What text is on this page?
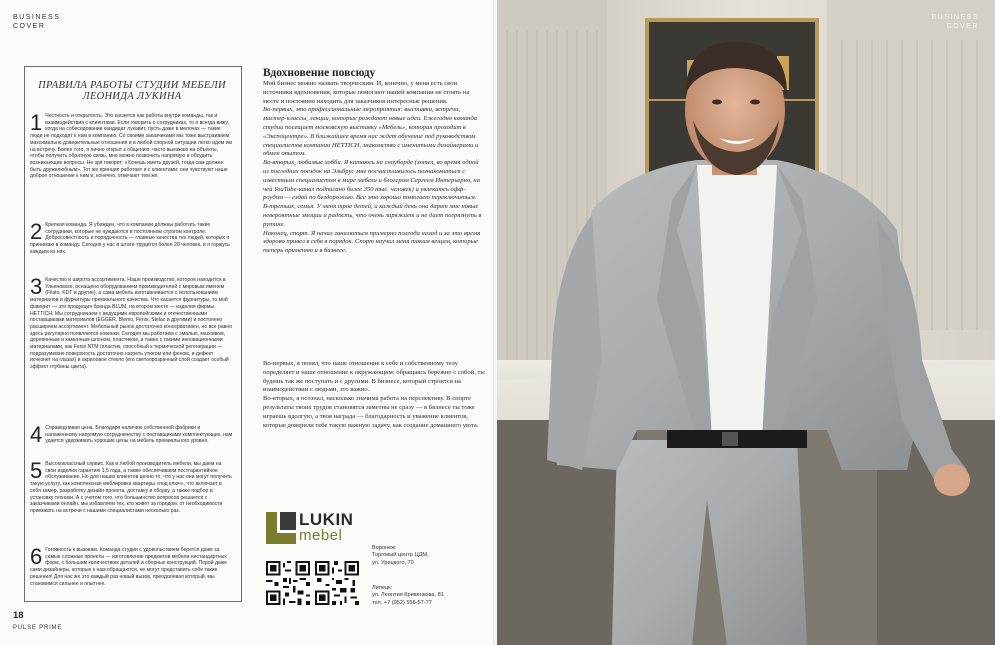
BUSINESS
COVER
ПРАВИЛА РАБОТЫ СТУДИИ МЕБЕЛИ
ЛЕОНИДА ЛУКИНА
1 Честность и открытость. Это касается как работы внутри команды, так и взаимодействия с клиентами. Если говорить о сотрудниках, то я всегда вижу, когда на собеседовании кандидат лукавит, пусть даже в мелочах — такие люди не подходят к нам в компанию. Со своими заказчиками мы тоже выстраиваем максимально доверительные отношения и в любой спорной ситуации легко идем им на встречу. Более того, я лично открыт к общению: часто выезжаю на объекты, чтобы получить обратную связь, мне можно позвонить напрямую и обсудить возникающие вопросы. Не зря говорят: «Хочешь иметь друзей, тогда сам должен быть дружелюбным». Тот же принцип работает и с клиентами: они чувствуют наше доброе отношение к ним и, конечно, отвечают тем же.
2 Крепкая команда. Я убежден, что в компании должны работать такие сотрудники, которые не нуждаются в постоянном строгом контроле. Добросовестность и порядочность — главные качества тех людей, которых я принимаю в команду. Сегодня у нас в штате трудится более 20 человек, и я горжусь каждым из них.
3 Качество и широта ассортимента. Наше производство, которое находится в Ульяновске, оснащено оборудованием производителей с мировым именем (Filato, KDT и другие), а сама мебель изготавливается с использованием материалов и фурнитуры премиального качества. Что касается фурнитуры, то мой фаворит — это продукция бренда BLUM, на втором месте — изделия фирмы HETTICH. Мы сотрудничаем с ведущими европейскими и отечественными поставщиками материалов (EGGER, Blemo, Fenix, Stelac и другими) и постоянно расширяем ассортимент. Мебельный рынок достаточно консервативен, но все равно здесь регулярно появляются новинки. Сегодня мы работаем с эмалью, массивом, деревянным и каменным шпоном, пластиком, а также с такими инновационными материалами, как Fenix NTM (пластик, способный к термической регенерации — подразумеваю поверхность достаточно нагреть утюгом или феном, и дефект исчезнет на глазах) и акриловое стекло (его светопрозрачный слой создает особый эффект глубины цвета).
4 Справедливая цена. Благодаря наличию собственной фабрики и налаженному напрямую сотрудничеству с поставщиками комплектующих, нам удается удерживать хорошие цены на мебель премиального уровня.
5 Высококлассный сервис. Как и любой производитель мебели, мы даем на свои изделия гарантию 1,5 года, а также обеспечиваем постгарантийное обслуживание. Но для наших клиентов ценно то, что у нас они могут получить такую услугу, как комплексная меблировка квартиры «под ключ», что включает в себя замер, разработку дизайн-проекта, доставку и сборку, а также подбор и установку техники. А с учетом того, что большинство вопросов решается с заказчиками онлайн, мы избавляем тех, кто живет за городом, от необходимости приезжать на встречи с нашими специалистами несколько раз.
6 Готовность к вызовам. Команда студии с удовольствием берется даже за самые сложные проекты — изготовление предметов мебели нестандартных форм, с большим количеством деталей и сборных конструкций. Порой даже сами дизайнеры, которые к нам обращаются, не могут представить себе такие решения! Для нас же это каждый раз новый вызов, преодолевая который, мы становимся сильнее и опытнее.
Вдохновение повсюду

Мой бизнес можно назвать творческим. И, конечно, у меня есть свои источники вдохновения, которые помогают нашей компании не стоять на месте и постоянно находить для заказчиков интересные решения.

Во-первых, это профессиональные мероприятия: выставки, встречи, мастер-классы, лекции, которые рождают новые идеи. Ежегодно команда студии посещает московскую выставку «Мебель», которая проходит в «Экспоцентре». В ближайшее время нас ждет обучение под руководством специалистов компании HETTICH, знакомство с именитыми дизайнерами и обмен опытом.

Во-вторых, любимые хобби. Я катаюсь на сноуборде (хотел, во время одной из последних поездок на Эльбрус мне посчастливилось познакомиться с известным специалистом в мире мебели и блогером Сергеем Интерьерно, на чей YouTube-канал подписано более 350 тыс. человек) и увлекаюсь офф-роудом — ездой по бездорожью. Все это хорошо помогает переключиться.

В-третьих, семья. У меня трое детей, и каждый день они дарят мне новые невероятные эмоции и радость, что очень заряжает и не дает погрязнуть в рутине.

Наконец, спорт. Я начал заниматься примерно полгода назад и за это время здорово привел в себя в порядок. Спорт научил меня таким вещам, которые теперь применяю и в бизнесе.

Во-первых, я понял, что наше отношение к себе и собственному телу определяет и наше отношение к окружающим: обращаясь бережно с собой, ты будешь так же поступать и с другими. В бизнесе, который строится на взаимодействии с людьми, это важно.

Во-вторых, я осознал, насколько значима работа на перспективу. В спорте результаты твоих трудов становятся заметны не сразу — в бизнесе ты тоже играешь вдолгую, а твоя награда — благодарность и уважение клиентов, которые доверили тебе такую важную задачу, как создание домашнего уюта.

LUKIN
mebel
Воронеж:
Торговый центр ЦДМ,
ул. Урицкого, 70
Липецк:
ул. Леонтия Кривенкова, 81
тел. +7 (952) 556-57-77
18
PULSE PRIME
BUSINESS
COVER
